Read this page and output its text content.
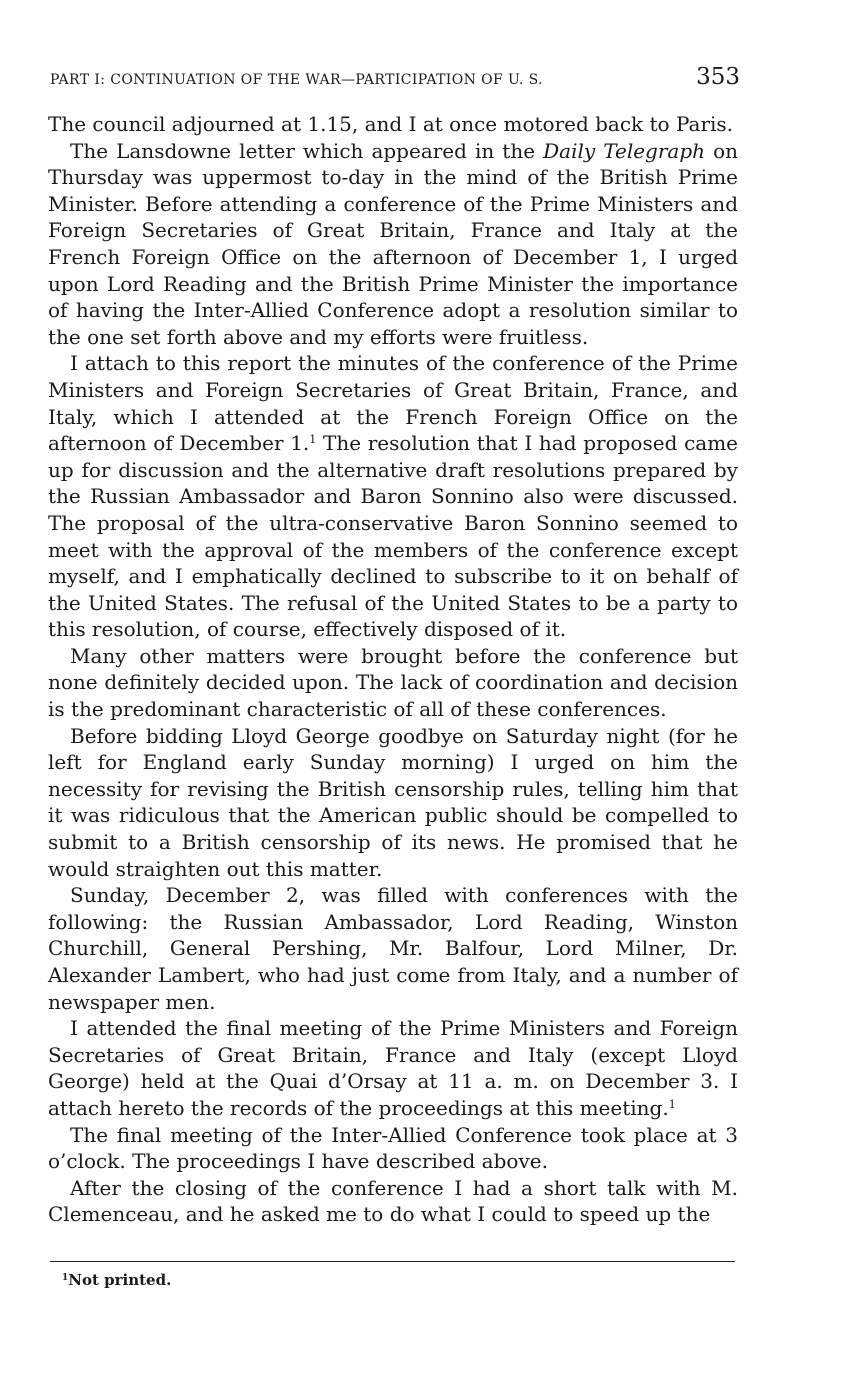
PART I: CONTINUATION OF THE WAR—PARTICIPATION OF U. S.	353

The council adjourned at 1.15, and I at once motored back to Paris.

The Lansdowne letter which appeared in the Daily Telegraph on Thursday was uppermost to-day in the mind of the British Prime Minister. Before attending a conference of the Prime Ministers and Foreign Secretaries of Great Britain, France and Italy at the French Foreign Office on the afternoon of December 1, I urged upon Lord Reading and the British Prime Minister the importance of having the Inter-Allied Conference adopt a resolution similar to the one set forth above and my efforts were fruitless.

I attach to this report the minutes of the conference of the Prime Ministers and Foreign Secretaries of Great Britain, France, and Italy, which I attended at the French Foreign Office on the afternoon of December 1.$^1$ The resolution that I had proposed came up for discussion and the alternative draft resolutions prepared by the Russian Ambassador and Baron Sonnino also were discussed. The proposal of the ultra-conservative Baron Sonnino seemed to meet with the approval of the members of the conference except myself, and I emphatically declined to subscribe to it on behalf of the United States. The refusal of the United States to be a party to this resolution, of course, effectively disposed of it.

Many other matters were brought before the conference but none definitely decided upon. The lack of coordination and decision is the predominant characteristic of all of these conferences.

Before bidding Lloyd George goodbye on Saturday night (for he left for England early Sunday morning) I urged on him the necessity for revising the British censorship rules, telling him that it was ridiculous that the American public should be compelled to submit to a British censorship of its news. He promised that he would straighten out this matter.

Sunday, December 2, was filled with conferences with the following: the Russian Ambassador, Lord Reading, Winston Churchill, General Pershing, Mr. Balfour, Lord Milner, Dr. Alexander Lambert, who had just come from Italy, and a number of newspaper men.

I attended the final meeting of the Prime Ministers and Foreign Secretaries of Great Britain, France and Italy (except Lloyd George) held at the Quai d’Orsay at 11 a. m. on December 3. I attach hereto the records of the proceedings at this meeting.$^1$

The final meeting of the Inter-Allied Conference took place at 3 o’clock. The proceedings I have described above.

After the closing of the conference I had a short talk with M. Clemenceau, and he asked me to do what I could to speed up the

$^1$Not printed.
